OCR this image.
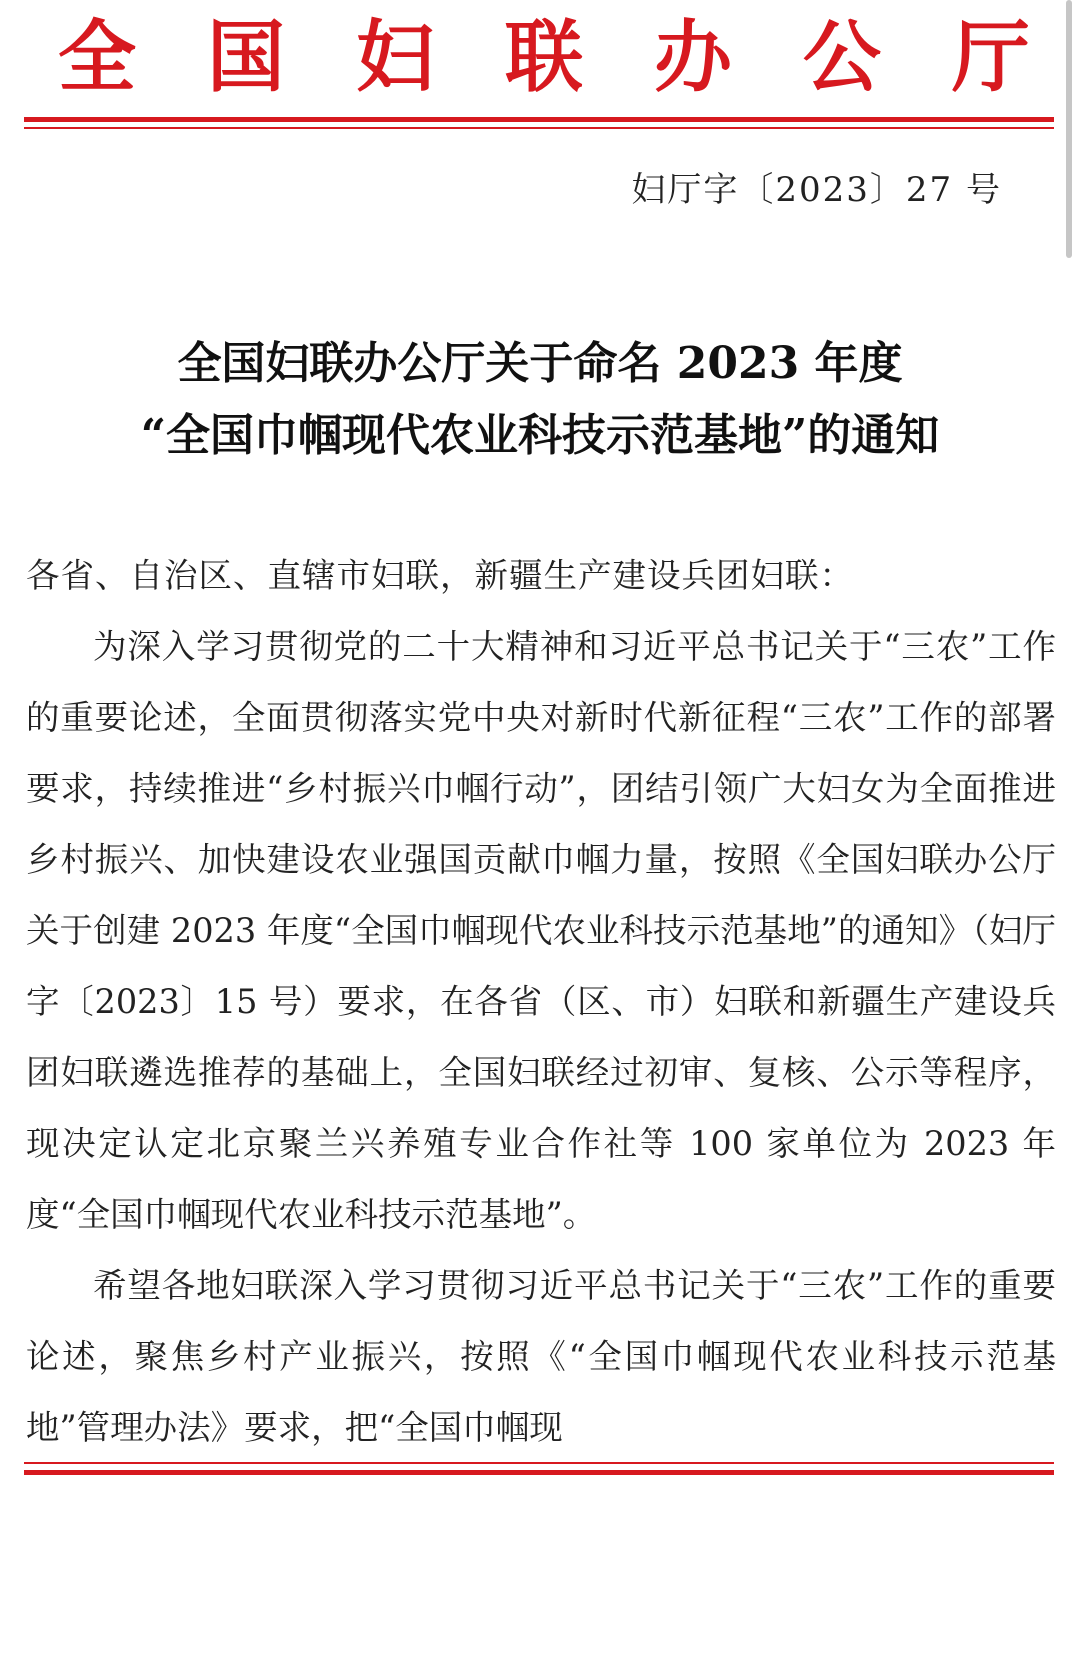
全 国 妇 联 办 公 厅
妇厅字〔2023〕27 号
全国妇联办公厅关于命名 2023 年度
“全国巾帼现代农业科技示范基地”的通知

各省、自治区、直辖市妇联，新疆生产建设兵团妇联：

为深入学习贯彻党的二十大精神和习近平总书记关于“三农”工作的重要论述，全面贯彻落实党中央对新时代新征程“三农”工作的部署要求，持续推进“乡村振兴巾帼行动”，团结引领广大妇女为全面推进乡村振兴、加快建设农业强国贡献巾帼力量，按照《全国妇联办公厅关于创建 2023 年度“全国巾帼现代农业科技示范基地”的通知》（妇厅字〔2023〕15 号）要求，在各省（区、市）妇联和新疆生产建设兵团妇联遴选推荐的基础上，全国妇联经过初审、复核、公示等程序，现决定认定北京聚兰兴养殖专业合作社等 100 家单位为 2023 年度“全国巾帼现代农业科技示范基地”。

希望各地妇联深入学习贯彻习近平总书记关于“三农”工作的重要论述，聚焦乡村产业振兴，按照《“全国巾帼现代农业科技示范基地”管理办法》要求，把“全国巾帼现
